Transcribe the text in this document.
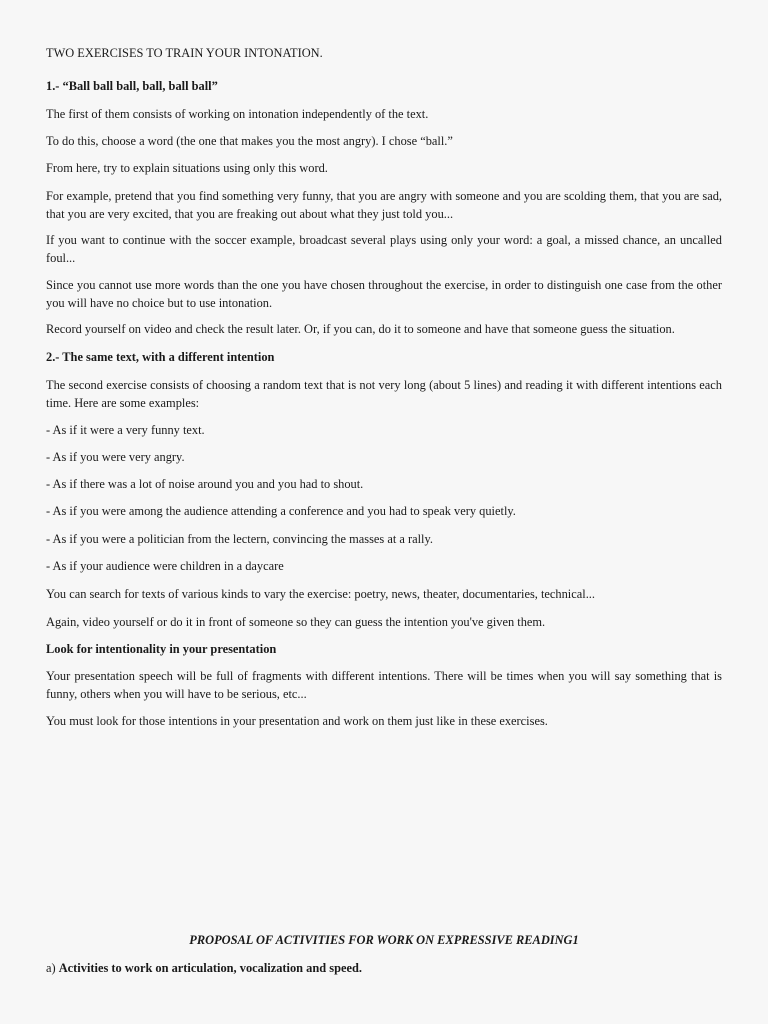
TWO EXERCISES TO TRAIN YOUR INTONATION.

1.- “Ball ball ball, ball, ball ball”

The first of them consists of working on intonation independently of the text.

To do this, choose a word (the one that makes you the most angry). I chose “ball.”

From here, try to explain situations using only this word.

For example, pretend that you find something very funny, that you are angry with someone and you are scolding them, that you are sad, that you are very excited, that you are freaking out about what they just told you...

If you want to continue with the soccer example, broadcast several plays using only your word: a goal, a missed chance, an uncalled foul...

Since you cannot use more words than the one you have chosen throughout the exercise, in order to distinguish one case from the other you will have no choice but to use intonation.

Record yourself on video and check the result later. Or, if you can, do it to someone and have that someone guess the situation.

2.- The same text, with a different intention

The second exercise consists of choosing a random text that is not very long (about 5 lines) and reading it with different intentions each time. Here are some examples:

- As if it were a very funny text.

- As if you were very angry.

- As if there was a lot of noise around you and you had to shout.

- As if you were among the audience attending a conference and you had to speak very quietly.

- As if you were a politician from the lectern, convincing the masses at a rally.

- As if your audience were children in a daycare

You can search for texts of various kinds to vary the exercise: poetry, news, theater, documentaries, technical...

Again, video yourself or do it in front of someone so they can guess the intention you've given them.

Look for intentionality in your presentation

Your presentation speech will be full of fragments with different intentions. There will be times when you will say something that is funny, others when you will have to be serious, etc...

You must look for those intentions in your presentation and work on them just like in these exercises.

PROPOSAL OF ACTIVITIES FOR WORK ON EXPRESSIVE READING1

a) Activities to work on articulation, vocalization and speed.
